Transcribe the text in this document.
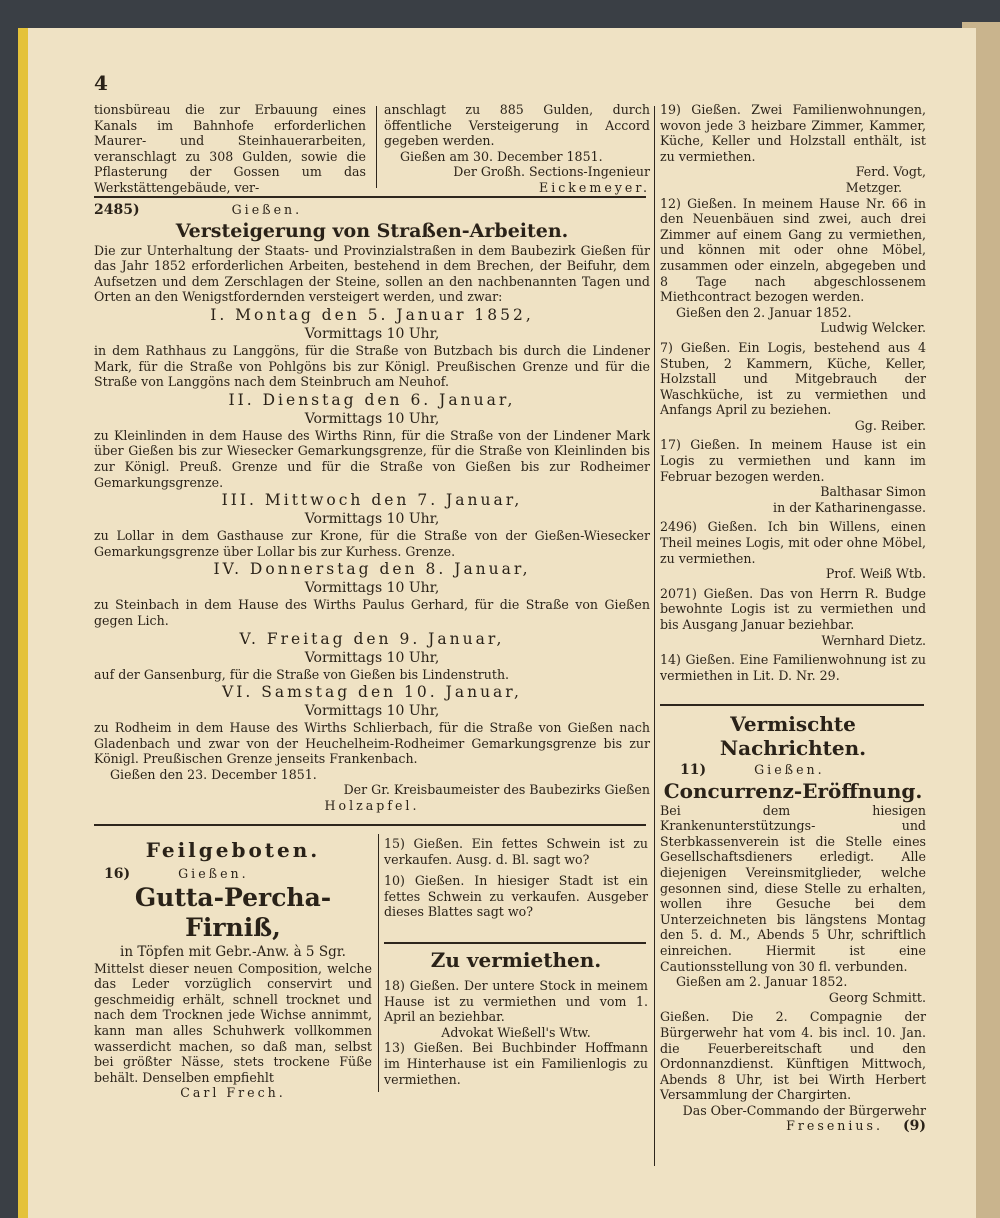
4
tionsbüreau die zur Erbauung eines Kanals im Bahnhofe erforderlichen Maurer- und Steinhauerarbeiten, veranschlagt zu 308 Gulden, sowie die Pflasterung der Gossen um das Werkstättengebäude, ver-

anschlagt zu 885 Gulden, durch öffentliche Versteigerung in Accord gegeben werden.

Gießen am 30. December 1851.

Der Großh. Sections-Ingenieur

Eickemeyer.

2485)	Gießen.

Versteigerung von Straßen-Arbeiten.

Die zur Unterhaltung der Staats- und Provinzialstraßen in dem Baubezirk Gießen für das Jahr 1852 erforderlichen Arbeiten, bestehend in dem Brechen, der Beifuhr, dem Aufsetzen und dem Zerschlagen der Steine, sollen an den nachbenannten Tagen und Orten an den Wenigstfordernden versteigert werden, und zwar:

I. Montag den 5. Januar 1852,

Vormittags 10 Uhr,

in dem Rathhaus zu Langgöns, für die Straße von Butzbach bis durch die Lindener Mark, für die Straße von Pohlgöns bis zur Königl. Preußischen Grenze und für die Straße von Langgöns nach dem Steinbruch am Neuhof.

II. Dienstag den 6. Januar,

Vormittags 10 Uhr,

zu Kleinlinden in dem Hause des Wirths Rinn, für die Straße von der Lindener Mark über Gießen bis zur Wiesecker Gemarkungsgrenze, für die Straße von Kleinlinden bis zur Königl. Preuß. Grenze und für die Straße von Gießen bis zur Rodheimer Gemarkungsgrenze.

III. Mittwoch den 7. Januar,

Vormittags 10 Uhr,

zu Lollar in dem Gasthause zur Krone, für die Straße von der Gießen-Wiesecker Gemarkungsgrenze über Lollar bis zur Kurhess. Grenze.

IV. Donnerstag den 8. Januar,

Vormittags 10 Uhr,

zu Steinbach in dem Hause des Wirths Paulus Gerhard, für die Straße von Gießen gegen Lich.

V. Freitag den 9. Januar,

Vormittags 10 Uhr,

auf der Gansenburg, für die Straße von Gießen bis Lindenstruth.

VI. Samstag den 10. Januar,

Vormittags 10 Uhr,

zu Rodheim in dem Hause des Wirths Schlierbach, für die Straße von Gießen nach Gladenbach und zwar von der Heuchelheim-Rodheimer Gemarkungsgrenze bis zur Königl. Preußischen Grenze jenseits Frankenbach.

Gießen den 23. December 1851.

Der Gr. Kreisbaumeister des Baubezirks Gießen

Holzapfel.

Feilgeboten.

16)	Gießen.

Gutta-Percha-Firniß,

in Töpfen mit Gebr.-Anw. à 5 Sgr.

Mittelst dieser neuen Composition, welche das Leder vorzüglich conservirt und geschmeidig erhält, schnell trocknet und nach dem Trocknen jede Wichse annimmt, kann man alles Schuhwerk vollkommen wasserdicht machen, so daß man, selbst bei größter Nässe, stets trockene Füße behält. Denselben empfiehlt

Carl Frech.

15) Gießen. Ein fettes Schwein ist zu verkaufen. Ausg. d. Bl. sagt wo?

10) Gießen. In hiesiger Stadt ist ein fettes Schwein zu verkaufen. Ausgeber dieses Blattes sagt wo?

Zu vermiethen.

18) Gießen. Der untere Stock in meinem Hause ist zu vermiethen und vom 1. April an beziehbar.

Advokat Wießell's Wtw.

13) Gießen. Bei Buchbinder Hoffmann im Hinterhause ist ein Familienlogis zu vermiethen.

19) Gießen. Zwei Familienwohnungen, wovon jede 3 heizbare Zimmer, Kammer, Küche, Keller und Holzstall enthält, ist zu vermiethen.

Ferd. Vogt,

Metzger.

12) Gießen. In meinem Hause Nr. 66 in den Neuenbäuen sind zwei, auch drei Zimmer auf einem Gang zu vermiethen, und können mit oder ohne Möbel, zusammen oder einzeln, abgegeben und 8 Tage nach abgeschlossenem Miethcontract bezogen werden.

Gießen den 2. Januar 1852.

Ludwig Welcker.

7) Gießen. Ein Logis, bestehend aus 4 Stuben, 2 Kammern, Küche, Keller, Holzstall und Mitgebrauch der Waschküche, ist zu vermiethen und Anfangs April zu beziehen.

Gg. Reiber.

17) Gießen. In meinem Hause ist ein Logis zu vermiethen und kann im Februar bezogen werden.

Balthasar Simon

in der Katharinengasse.

2496) Gießen. Ich bin Willens, einen Theil meines Logis, mit oder ohne Möbel, zu vermiethen.

Prof. Weiß Wtb.

2071) Gießen. Das von Herrn R. Budge bewohnte Logis ist zu vermiethen und bis Ausgang Januar beziehbar.

Wernhard Dietz.

14) Gießen. Eine Familienwohnung ist zu vermiethen in Lit. D. Nr. 29.

Vermischte Nachrichten.

11)	Gießen.

Concurrenz-Eröffnung.

Bei dem hiesigen Krankenunterstützungs- und Sterbkassenverein ist die Stelle eines Gesellschaftsdieners erledigt. Alle diejenigen Vereinsmitglieder, welche gesonnen sind, diese Stelle zu erhalten, wollen ihre Gesuche bei dem Unterzeichneten bis längstens Montag den 5. d. M., Abends 5 Uhr, schriftlich einreichen. Hiermit ist eine Cautionsstellung von 30 fl. verbunden.

Gießen am 2. Januar 1852.

Georg Schmitt.

Gießen. Die 2. Compagnie der Bürgerwehr hat vom 4. bis incl. 10. Jan. die Feuerbereitschaft und den Ordonnanzdienst. Künftigen Mittwoch, Abends 8 Uhr, ist bei Wirth Herbert Versammlung der Chargirten.

Das Ober-Commando der Bürgerwehr

Fresenius. (9)
